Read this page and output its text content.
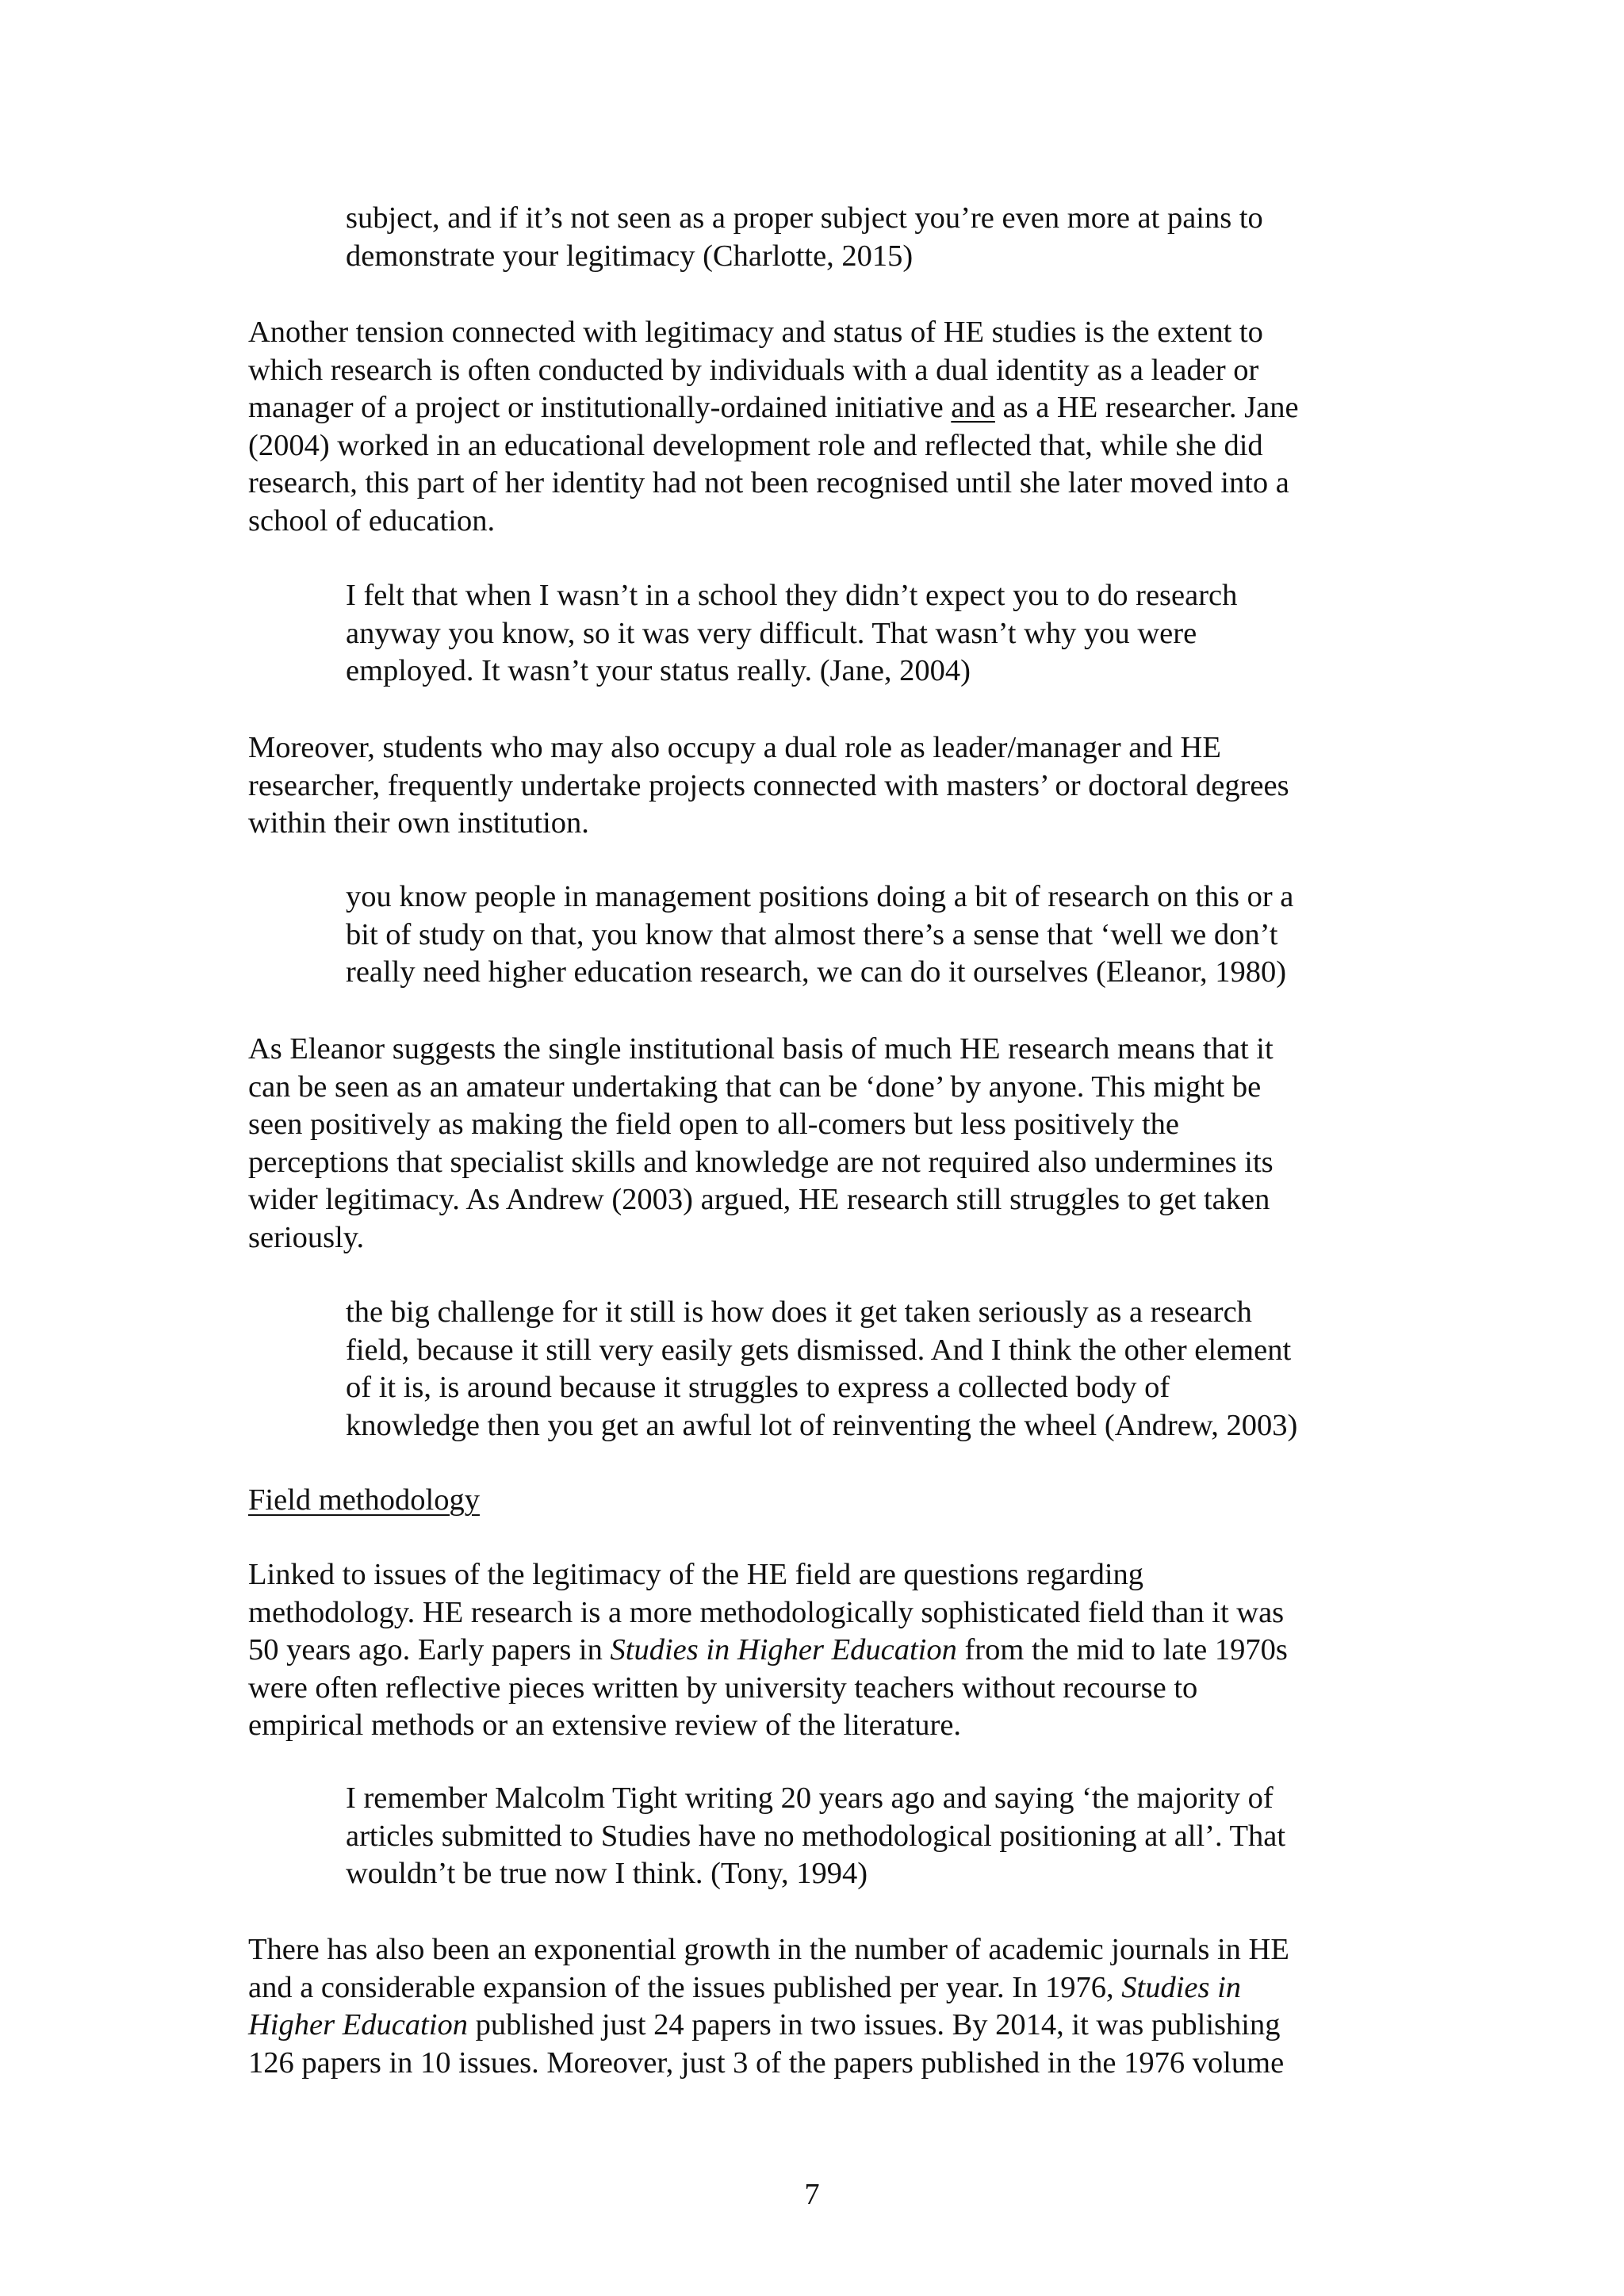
subject, and if it’s not seen as a proper subject you’re even more at pains to
demonstrate your legitimacy (Charlotte, 2015)
Another tension connected with legitimacy and status of HE studies is the extent to
which research is often conducted by individuals with a dual identity as a leader or
manager of a project or institutionally-ordained initiative and as a HE researcher. Jane
(2004) worked in an educational development role and reflected that, while she did
research, this part of her identity had not been recognised until she later moved into a
school of education.
I felt that when I wasn’t in a school they didn’t expect you to do research
anyway you know, so it was very difficult. That wasn’t why you were
employed. It wasn’t your status really. (Jane, 2004)
Moreover, students who may also occupy a dual role as leader/manager and HE
researcher, frequently undertake projects connected with masters’ or doctoral degrees
within their own institution.
you know people in management positions doing a bit of research on this or a
bit of study on that, you know that almost there’s a sense that ‘well we don’t
really need higher education research, we can do it ourselves (Eleanor, 1980)
As Eleanor suggests the single institutional basis of much HE research means that it
can be seen as an amateur undertaking that can be ‘done’ by anyone. This might be
seen positively as making the field open to all-comers but less positively the
perceptions that specialist skills and knowledge are not required also undermines its
wider legitimacy. As Andrew (2003) argued, HE research still struggles to get taken
seriously.
the big challenge for it still is how does it get taken seriously as a research
field, because it still very easily gets dismissed. And I think the other element
of it is, is around because it struggles to express a collected body of
knowledge then you get an awful lot of reinventing the wheel (Andrew, 2003)
Field methodology
Linked to issues of the legitimacy of the HE field are questions regarding
methodology. HE research is a more methodologically sophisticated field than it was
50 years ago. Early papers in Studies in Higher Education from the mid to late 1970s
were often reflective pieces written by university teachers without recourse to
empirical methods or an extensive review of the literature.
I remember Malcolm Tight writing 20 years ago and saying ‘the majority of
articles submitted to Studies have no methodological positioning at all’. That
wouldn’t be true now I think. (Tony, 1994)
There has also been an exponential growth in the number of academic journals in HE
and a considerable expansion of the issues published per year. In 1976, Studies in
Higher Education published just 24 papers in two issues. By 2014, it was publishing
126 papers in 10 issues. Moreover, just 3 of the papers published in the 1976 volume
7
